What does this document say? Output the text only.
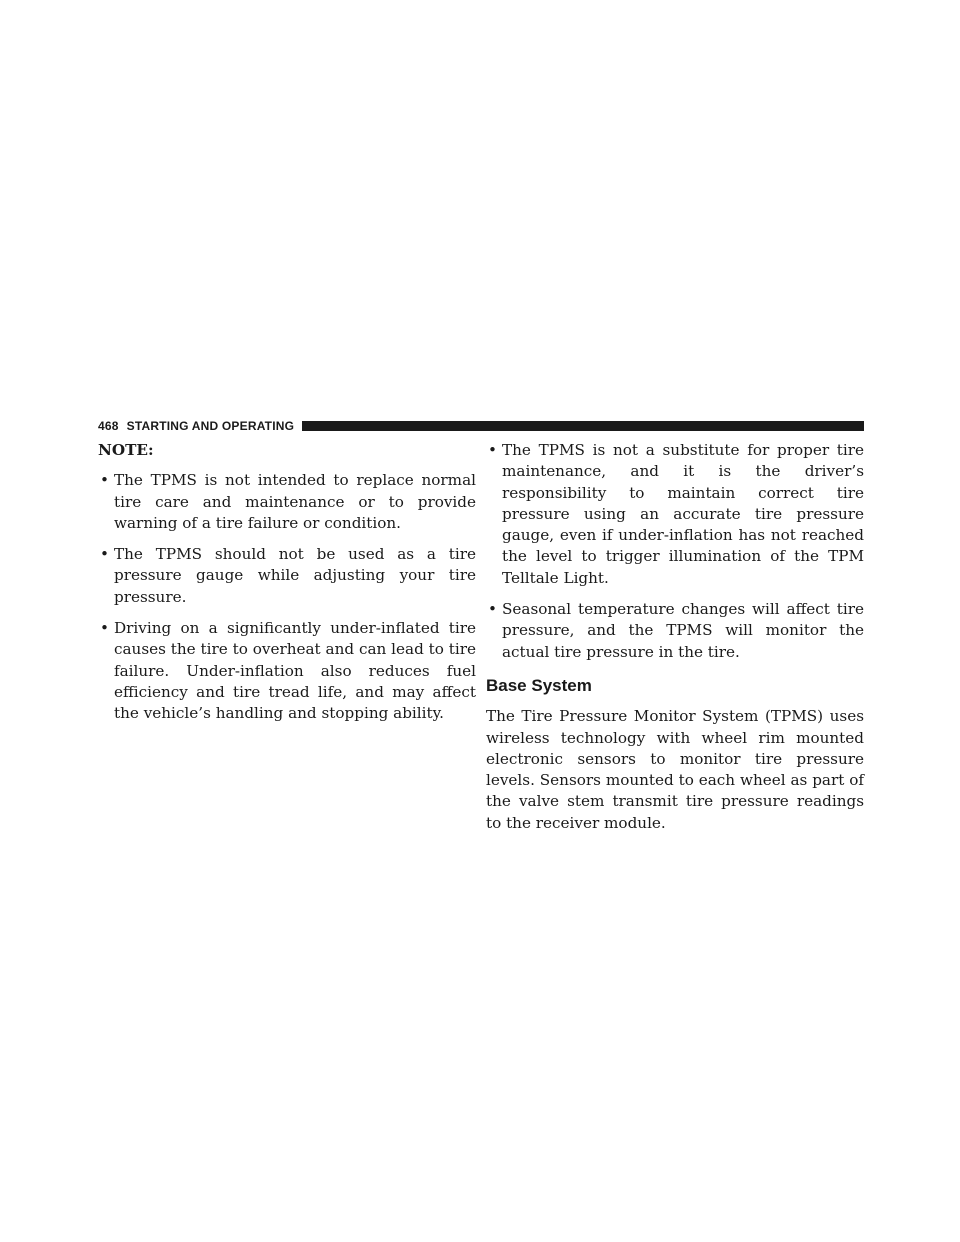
468 STARTING AND OPERATING

NOTE:

• The TPMS is not intended to replace normal tire care and maintenance or to provide warning of a tire failure or condition.
• The TPMS should not be used as a tire pressure gauge while adjusting your tire pressure.
• Driving on a significantly under-inflated tire causes the tire to overheat and can lead to tire failure. Under-inflation also reduces fuel efficiency and tire tread life, and may affect the vehicle’s handling and stopping ability.
• The TPMS is not a substitute for proper tire maintenance, and it is the driver’s responsibility to maintain correct tire pressure using an accurate tire pressure gauge, even if under-inflation has not reached the level to trigger illumination of the TPM Telltale Light.
• Seasonal temperature changes will affect tire pressure, and the TPMS will monitor the actual tire pressure in the tire.
Base System

The Tire Pressure Monitor System (TPMS) uses wireless technology with wheel rim mounted electronic sensors to monitor tire pressure levels. Sensors mounted to each wheel as part of the valve stem transmit tire pressure readings to the receiver module.
